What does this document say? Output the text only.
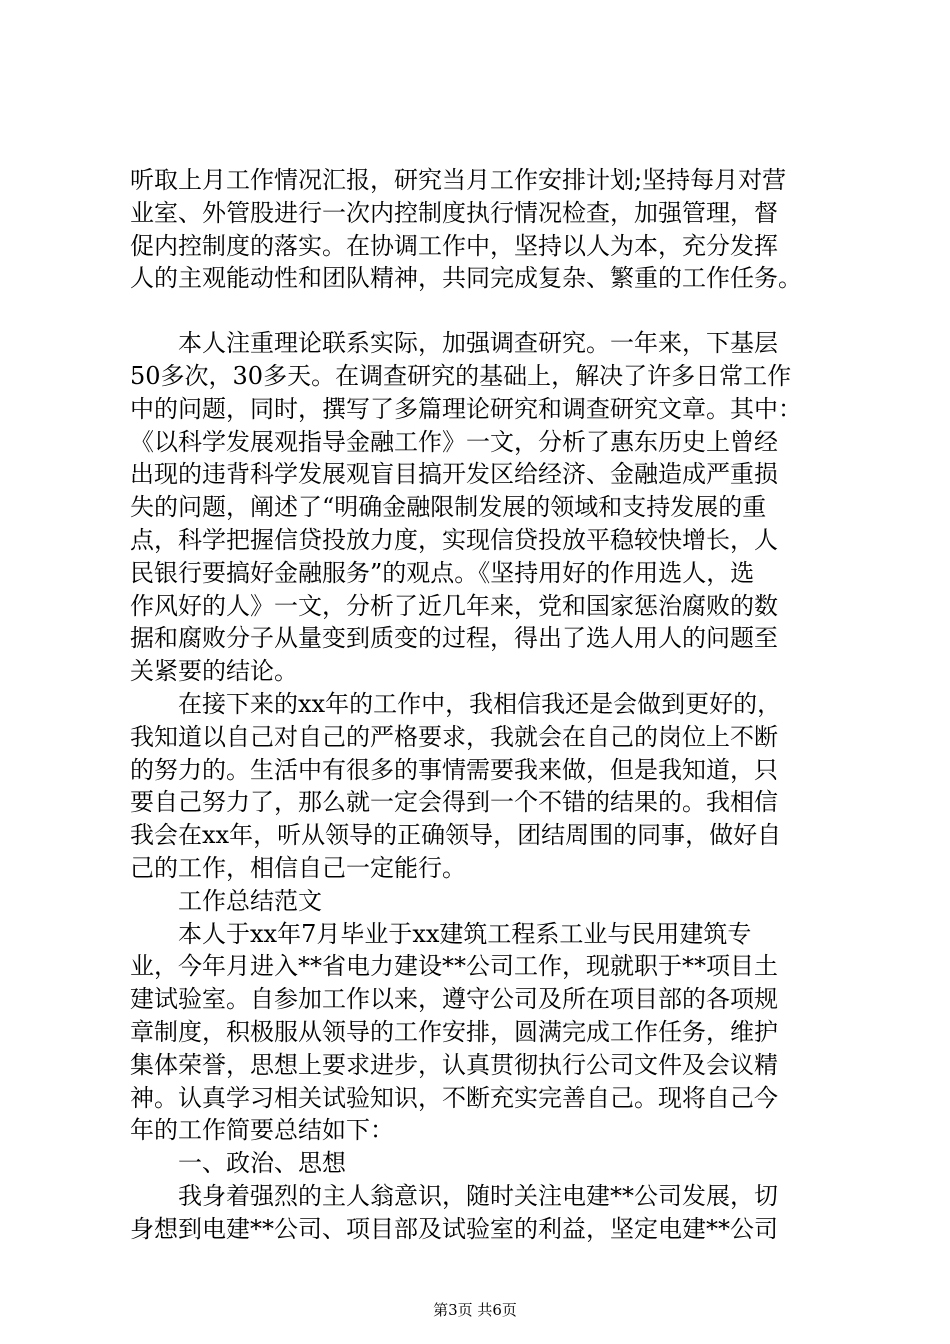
听取上月工作情况汇报，研究当月工作安排计划;坚持每月对营
业室、外管股进行一次内控制度执行情况检查，加强管理，督
促内控制度的落实。在协调工作中，坚持以人为本，充分发挥
人的主观能动性和团队精神，共同完成复杂、繁重的工作任务。
　　本人注重理论联系实际，加强调查研究。一年来，下基层
50多次，30多天。在调查研究的基础上，解决了许多日常工作
中的问题，同时，撰写了多篇理论研究和调查研究文章。其中：
《以科学发展观指导金融工作》一文，分析了惠东历史上曾经
出现的违背科学发展观盲目搞开发区给经济、金融造成严重损
失的问题，阐述了“明确金融限制发展的领域和支持发展的重
点，科学把握信贷投放力度，实现信贷投放平稳较快增长，人
民银行要搞好金融服务”的观点。《坚持用好的作用选人，选
作风好的人》一文，分析了近几年来，党和国家惩治腐败的数
据和腐败分子从量变到质变的过程，得出了选人用人的问题至
关紧要的结论。
　　在接下来的xx年的工作中，我相信我还是会做到更好的，
我知道以自己对自己的严格要求，我就会在自己的岗位上不断
的努力的。生活中有很多的事情需要我来做，但是我知道，只
要自己努力了，那么就一定会得到一个不错的结果的。我相信
我会在xx年，听从领导的正确领导，团结周围的同事，做好自
己的工作，相信自己一定能行。
　　工作总结范文
　　本人于xx年7月毕业于xx建筑工程系工业与民用建筑专
业，今年月进入**省电力建设**公司工作，现就职于**项目土
建试验室。自参加工作以来，遵守公司及所在项目部的各项规
章制度，积极服从领导的工作安排，圆满完成工作任务，维护
集体荣誉，思想上要求进步，认真贯彻执行公司文件及会议精
神。认真学习相关试验知识，不断充实完善自己。现将自己今
年的工作简要总结如下：
　　一、政治、思想
　　我身着强烈的主人翁意识，随时关注电建**公司发展，切
身想到电建**公司、项目部及试验室的利益，坚定电建**公司
第3页 共6页
